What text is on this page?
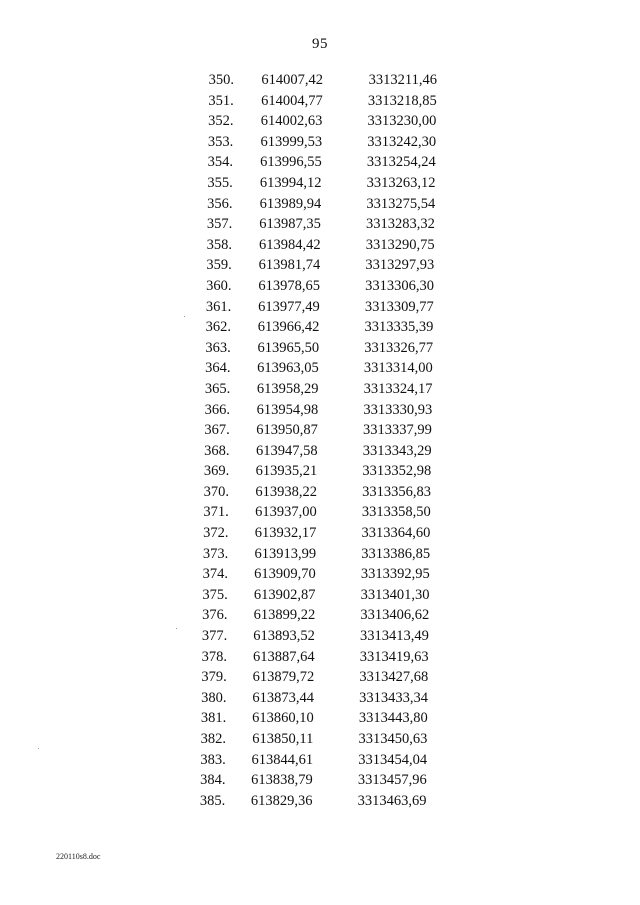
95
350.	614007,42	3313211,46
351.	614004,77	3313218,85
352.	614002,63	3313230,00
353.	613999,53	3313242,30
354.	613996,55	3313254,24
355.	613994,12	3313263,12
356.	613989,94	3313275,54
357.	613987,35	3313283,32
358.	613984,42	3313290,75
359.	613981,74	3313297,93
360.	613978,65	3313306,30
361.	613977,49	3313309,77
362.	613966,42	3313335,39
363.	613965,50	3313326,77
364.	613963,05	3313314,00
365.	613958,29	3313324,17
366.	613954,98	3313330,93
367.	613950,87	3313337,99
368.	613947,58	3313343,29
369.	613935,21	3313352,98
370.	613938,22	3313356,83
371.	613937,00	3313358,50
372.	613932,17	3313364,60
373.	613913,99	3313386,85
374.	613909,70	3313392,95
375.	613902,87	3313401,30
376.	613899,22	3313406,62
377.	613893,52	3313413,49
378.	613887,64	3313419,63
379.	613879,72	3313427,68
380.	613873,44	3313433,34
381.	613860,10	3313443,80
382.	613850,11	3313450,63
383.	613844,61	3313454,04
384.	613838,79	3313457,96
385.	613829,36	3313463,69
220110s8.doc
